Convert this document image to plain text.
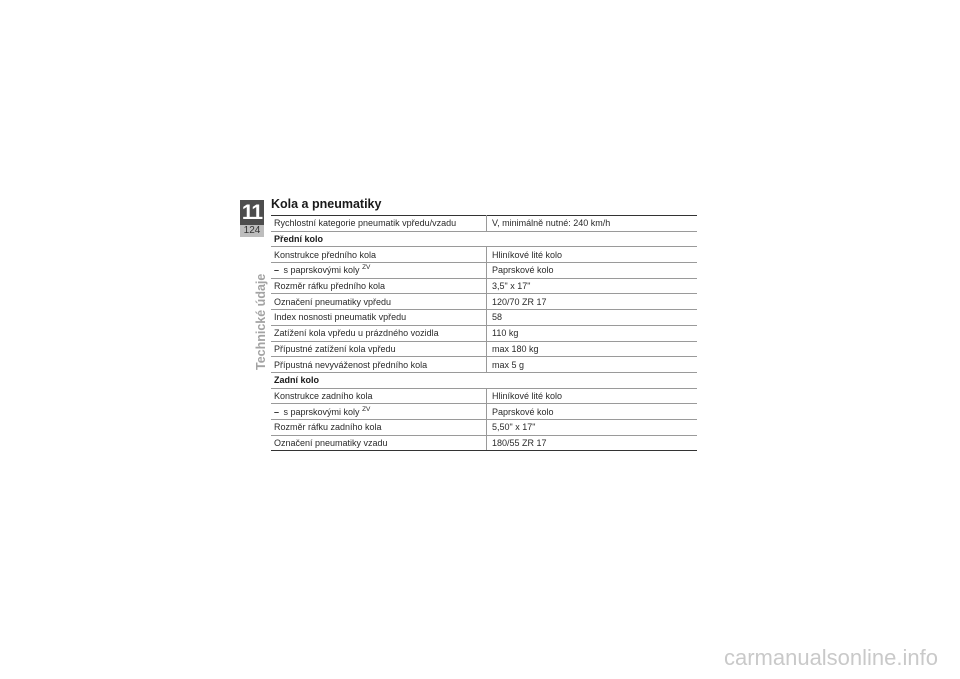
11
124
Technické údaje
Kola a pneumatiky
Rychlostní kategorie pneumatik vpředu/vzadu	V, minimálně nutné: 240 km/h
Přední kolo	
Konstrukce předního kola	Hliníkové lité kolo
– s paprskovými koly $^{ZV}$	Paprskové kolo
Rozměr ráfku předního kola	3,5" x 17"
Označení pneumatiky vpředu	120/70 ZR 17
Index nosnosti pneumatik vpředu	58
Zatížení kola vpředu u prázdného vozidla	110 kg
Přípustné zatížení kola vpředu	max 180 kg
Přípustná nevyváženost předního kola	max 5 g
Zadní kolo	
Konstrukce zadního kola	Hliníkové lité kolo
– s paprskovými koly $^{ZV}$	Paprskové kolo
Rozměr ráfku zadního kola	5,50" x 17"
Označení pneumatiky vzadu	180/55 ZR 17
carmanualsonline.info
